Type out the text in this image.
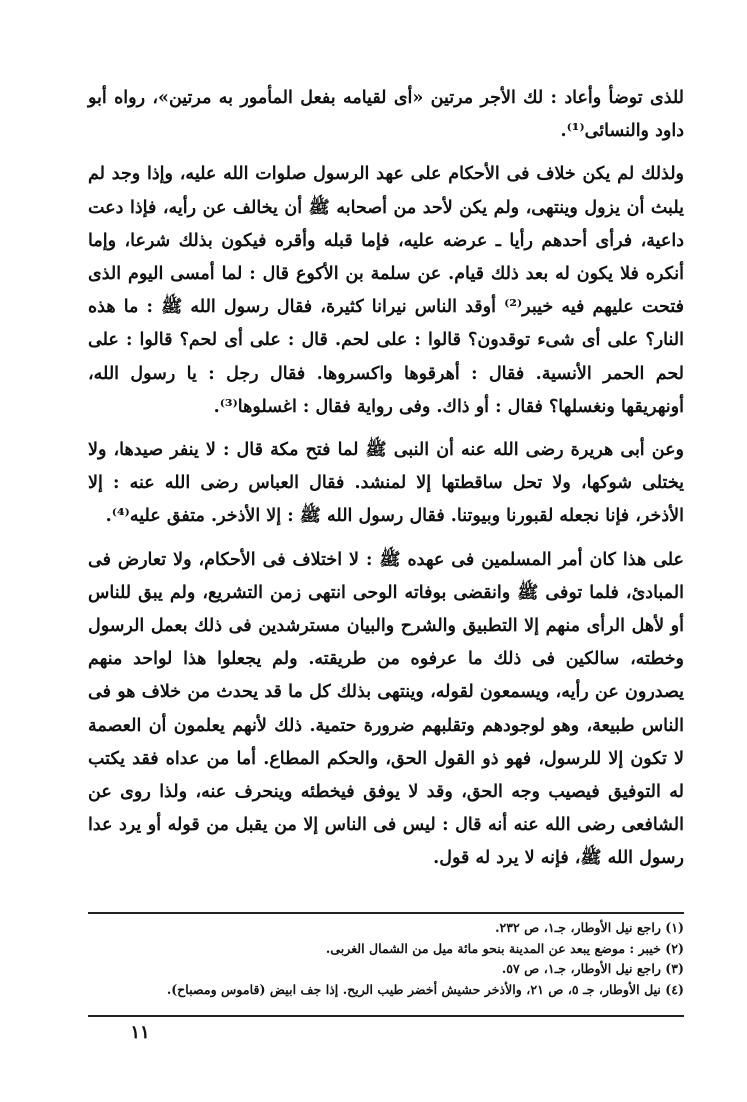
للذى توضأ وأعاد : لك الأجر مرتين «أى لقيامه بفعل المأمور به مرتين»، رواه أبو داود والنسائى⁽¹⁾.

ولذلك لم يكن خلاف فى الأحكام على عهد الرسول صلوات الله عليه، وإذا وجد لم يلبث أن يزول وينتهى، ولم يكن لأحد من أصحابه ﷺ أن يخالف عن رأيه، فإذا دعت داعية، فرأى أحدهم رأيا ـ عرضه عليه، فإما قبله وأقره فيكون بذلك شرعا، وإما أنكره فلا يكون له بعد ذلك قيام. عن سلمة بن الأكوع قال : لما أمسى اليوم الذى فتحت عليهم فيه خيبر⁽²⁾ أوقد الناس نيرانا كثيرة، فقال رسول الله ﷺ : ما هذه النار؟ على أى شىء توقدون؟ قالوا : على لحم. قال : على أى لحم؟ قالوا : على لحم الحمر الأنسية. فقال : أهرقوها واكسروها. فقال رجل : يا رسول الله، أونهريقها ونغسلها؟ فقال : أو ذاك. وفى رواية فقال : اغسلوها⁽³⁾.

وعن أبى هريرة رضى الله عنه أن النبى ﷺ لما فتح مكة قال : لا ينفر صيدها، ولا يختلى شوكها، ولا تحل ساقطتها إلا لمنشد. فقال العباس رضى الله عنه : إلا الأذخر، فإنا نجعله لقبورنا وبيوتنا. فقال رسول الله ﷺ : إلا الأذخر. متفق عليه⁽⁴⁾.

على هذا كان أمر المسلمين فى عهده ﷺ : لا اختلاف فى الأحكام، ولا تعارض فى المبادئ، فلما توفى ﷺ وانقضى بوفاته الوحى انتهى زمن التشريع، ولم يبق للناس أو لأهل الرأى منهم إلا التطبيق والشرح والبيان مسترشدين فى ذلك بعمل الرسول وخطته، سالكين فى ذلك ما عرفوه من طريقته. ولم يجعلوا هذا لواحد منهم يصدرون عن رأيه، ويسمعون لقوله، وينتهى بذلك كل ما قد يحدث من خلاف هو فى الناس طبيعة، وهو لوجودهم وتقلبهم ضرورة حتمية. ذلك لأنهم يعلمون أن العصمة لا تكون إلا للرسول، فهو ذو القول الحق، والحكم المطاع. أما من عداه فقد يكتب له التوفيق فيصيب وجه الحق، وقد لا يوفق فيخطئه وينحرف عنه، ولذا روى عن الشافعى رضى الله عنه أنه قال : ليس فى الناس إلا من يقبل من قوله أو يرد عدا رسول الله ﷺ، فإنه لا يرد له قول.

(١) راجع نيل الأوطار، جـ١، ص ٢٣٢.
(٢) خيبر : موضع يبعد عن المدينة بنحو مائة ميل من الشمال الغربى.
(٣) راجع نيل الأوطار، جـ١، ص ٥٧.
(٤) نيل الأوطار، جـ ٥، ص ٢١، والأذخر حشيش أخضر طيب الريح. إذا جف ابيض (قاموس ومصباح).
١١
